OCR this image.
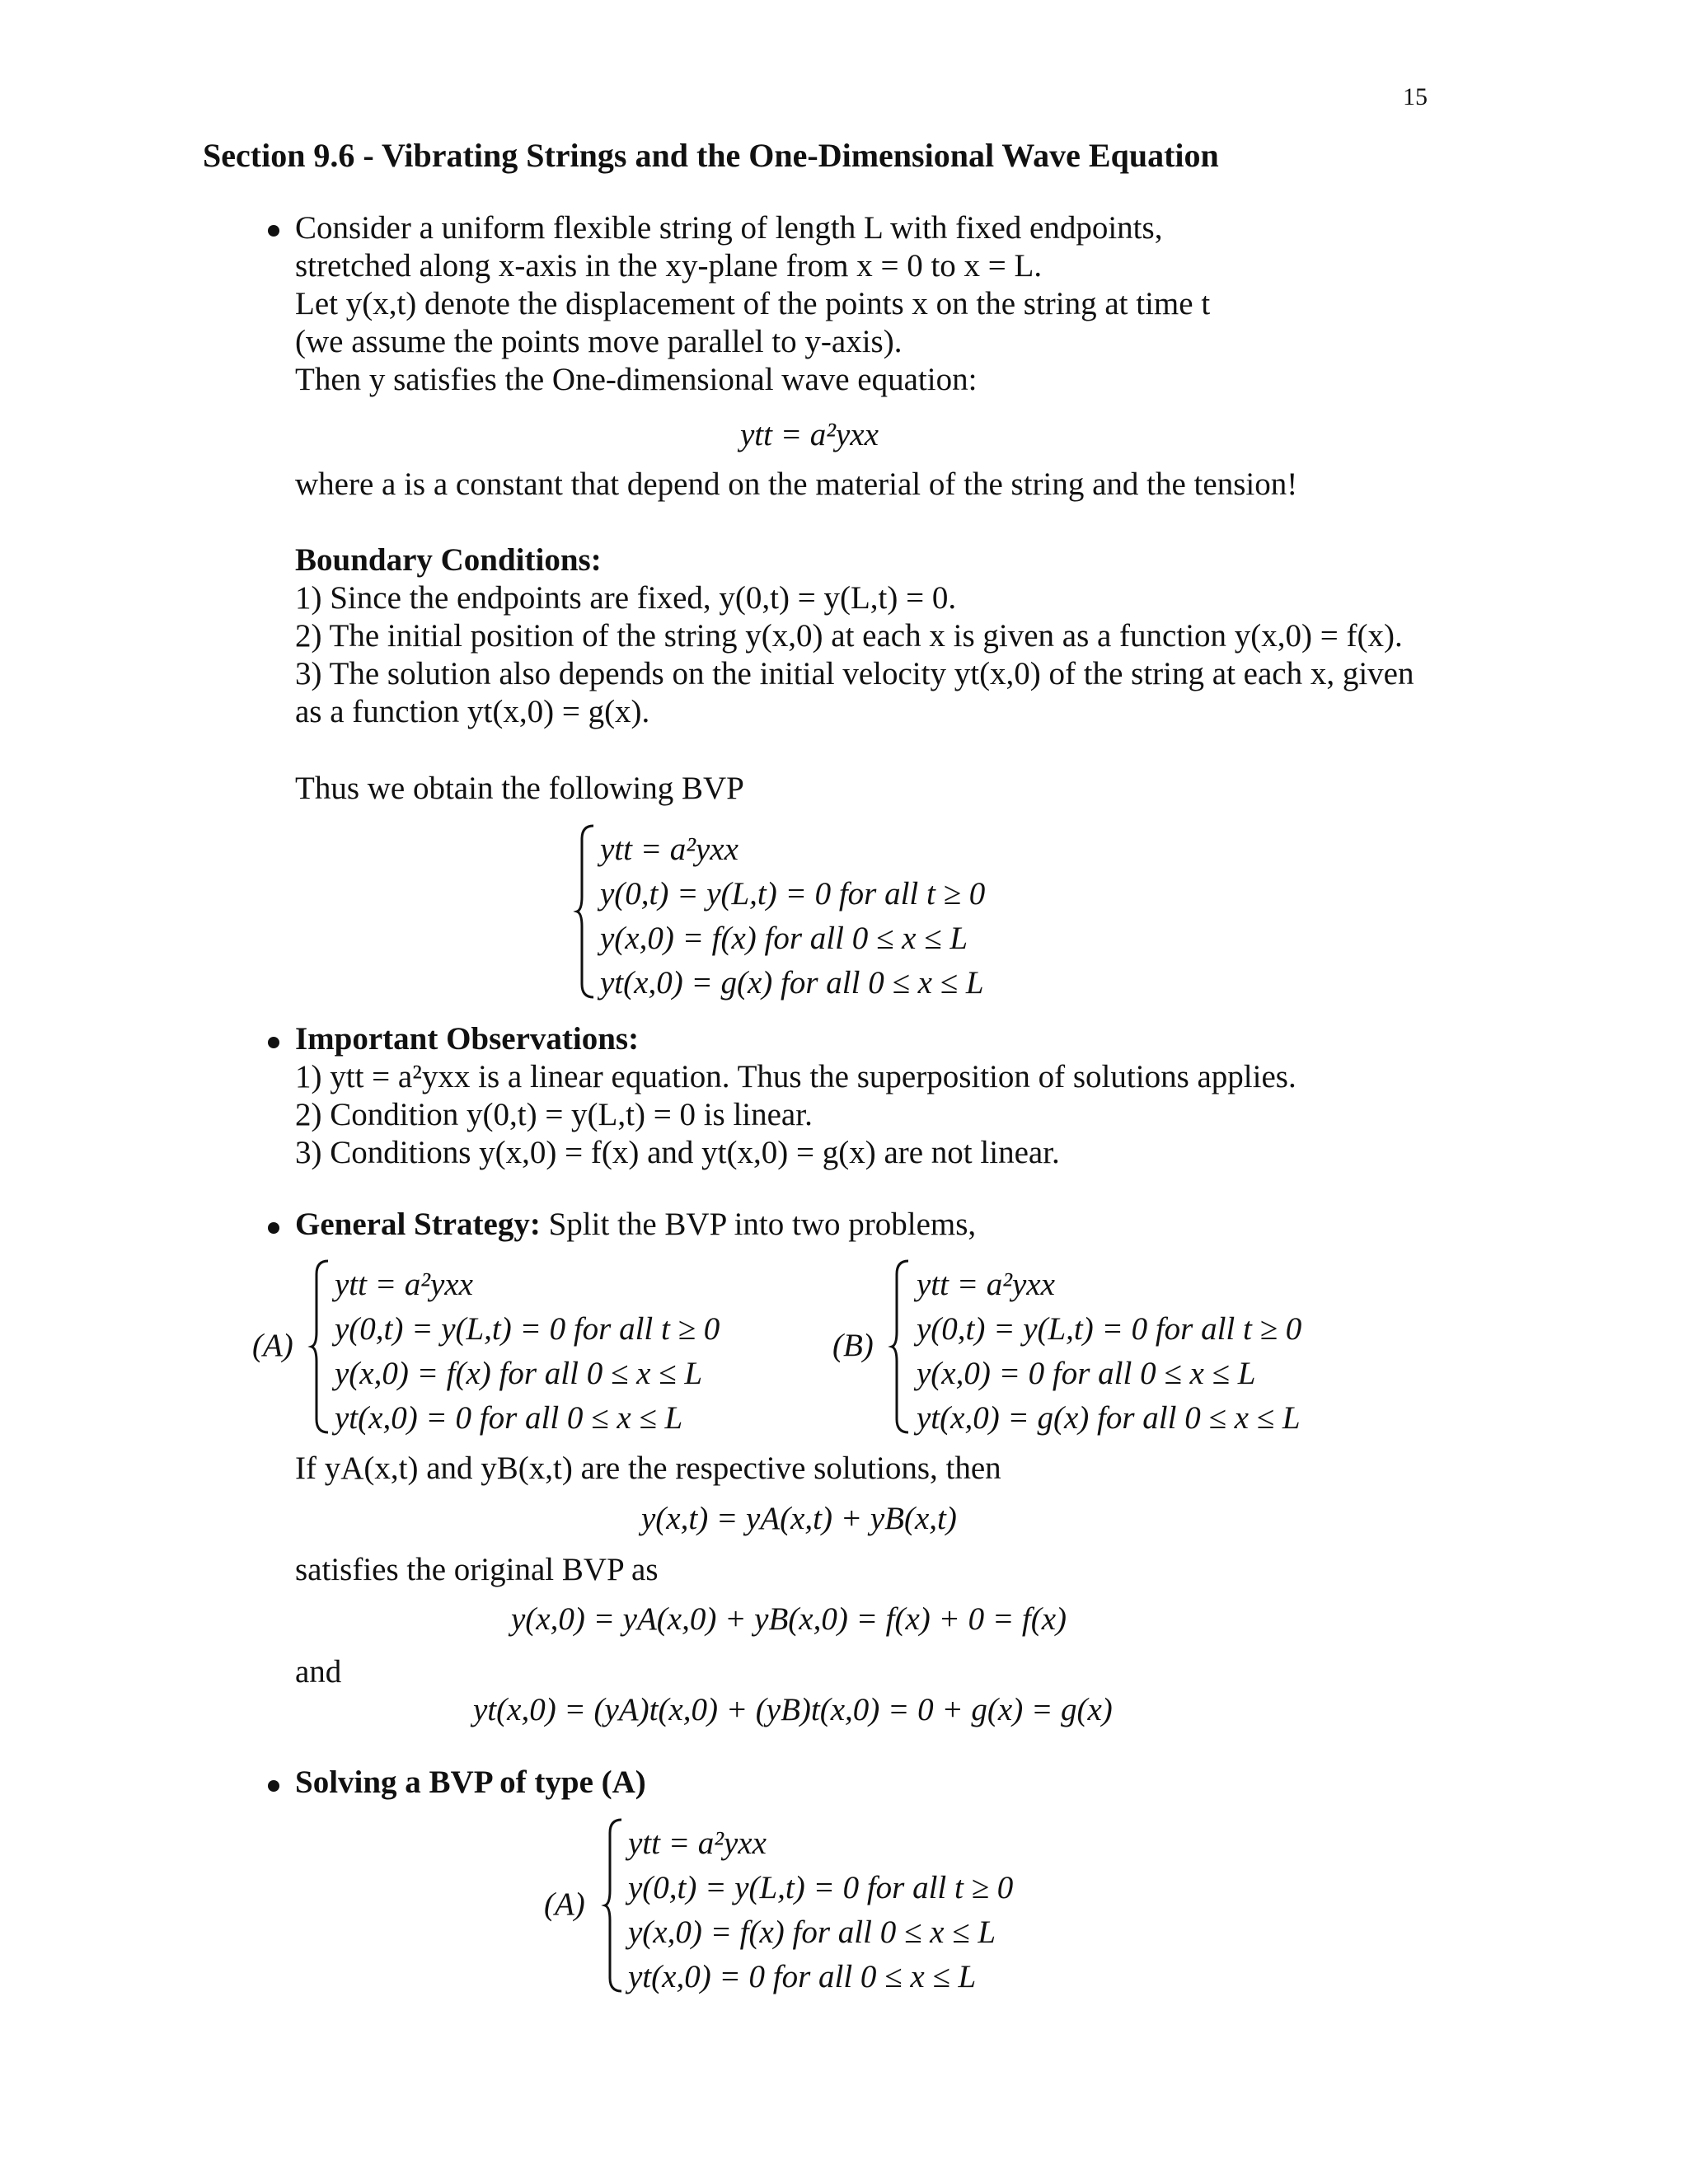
15
Section 9.6 - Vibrating Strings and the One-Dimensional Wave Equation
Consider a uniform flexible string of length L with fixed endpoints,
stretched along x-axis in the xy-plane from x = 0 to x = L.
Let y(x,t) denote the displacement of the points x on the string at time t
(we assume the points move parallel to y-axis).
Then y satisfies the One-dimensional wave equation:
ytt = a²yxx
where a is a constant that depend on the material of the string and the tension!
Boundary Conditions:
1) Since the endpoints are fixed, y(0,t) = y(L,t) = 0.
2) The initial position of the string y(x,0) at each x is given as a function y(x,0) = f(x).
3) The solution also depends on the initial velocity yt(x,0) of the string at each x, given
as a function yt(x,0) = g(x).
Thus we obtain the following BVP
ytt = a²yxx
y(0,t) = y(L,t) = 0 for all t ≥ 0
y(x,0) = f(x) for all 0 ≤ x ≤ L
yt(x,0) = g(x) for all 0 ≤ x ≤ L
Important Observations:
1) ytt = a²yxx is a linear equation. Thus the superposition of solutions applies.
2) Condition y(0,t) = y(L,t) = 0 is linear.
3) Conditions y(x,0) = f(x) and yt(x,0) = g(x) are not linear.
General Strategy: Split the BVP into two problems,
(A)
ytt = a²yxx
y(0,t) = y(L,t) = 0 for all t ≥ 0
y(x,0) = f(x) for all 0 ≤ x ≤ L
yt(x,0) = 0 for all 0 ≤ x ≤ L
(B)
ytt = a²yxx
y(0,t) = y(L,t) = 0 for all t ≥ 0
y(x,0) = 0 for all 0 ≤ x ≤ L
yt(x,0) = g(x) for all 0 ≤ x ≤ L
If yA(x,t) and yB(x,t) are the respective solutions, then
y(x,t) = yA(x,t) + yB(x,t)
satisfies the original BVP as
y(x,0) = yA(x,0) + yB(x,0) = f(x) + 0 = f(x)
and
yt(x,0) = (yA)t(x,0) + (yB)t(x,0) = 0 + g(x) = g(x)
Solving a BVP of type (A)
(A)
ytt = a²yxx
y(0,t) = y(L,t) = 0 for all t ≥ 0
y(x,0) = f(x) for all 0 ≤ x ≤ L
yt(x,0) = 0 for all 0 ≤ x ≤ L
